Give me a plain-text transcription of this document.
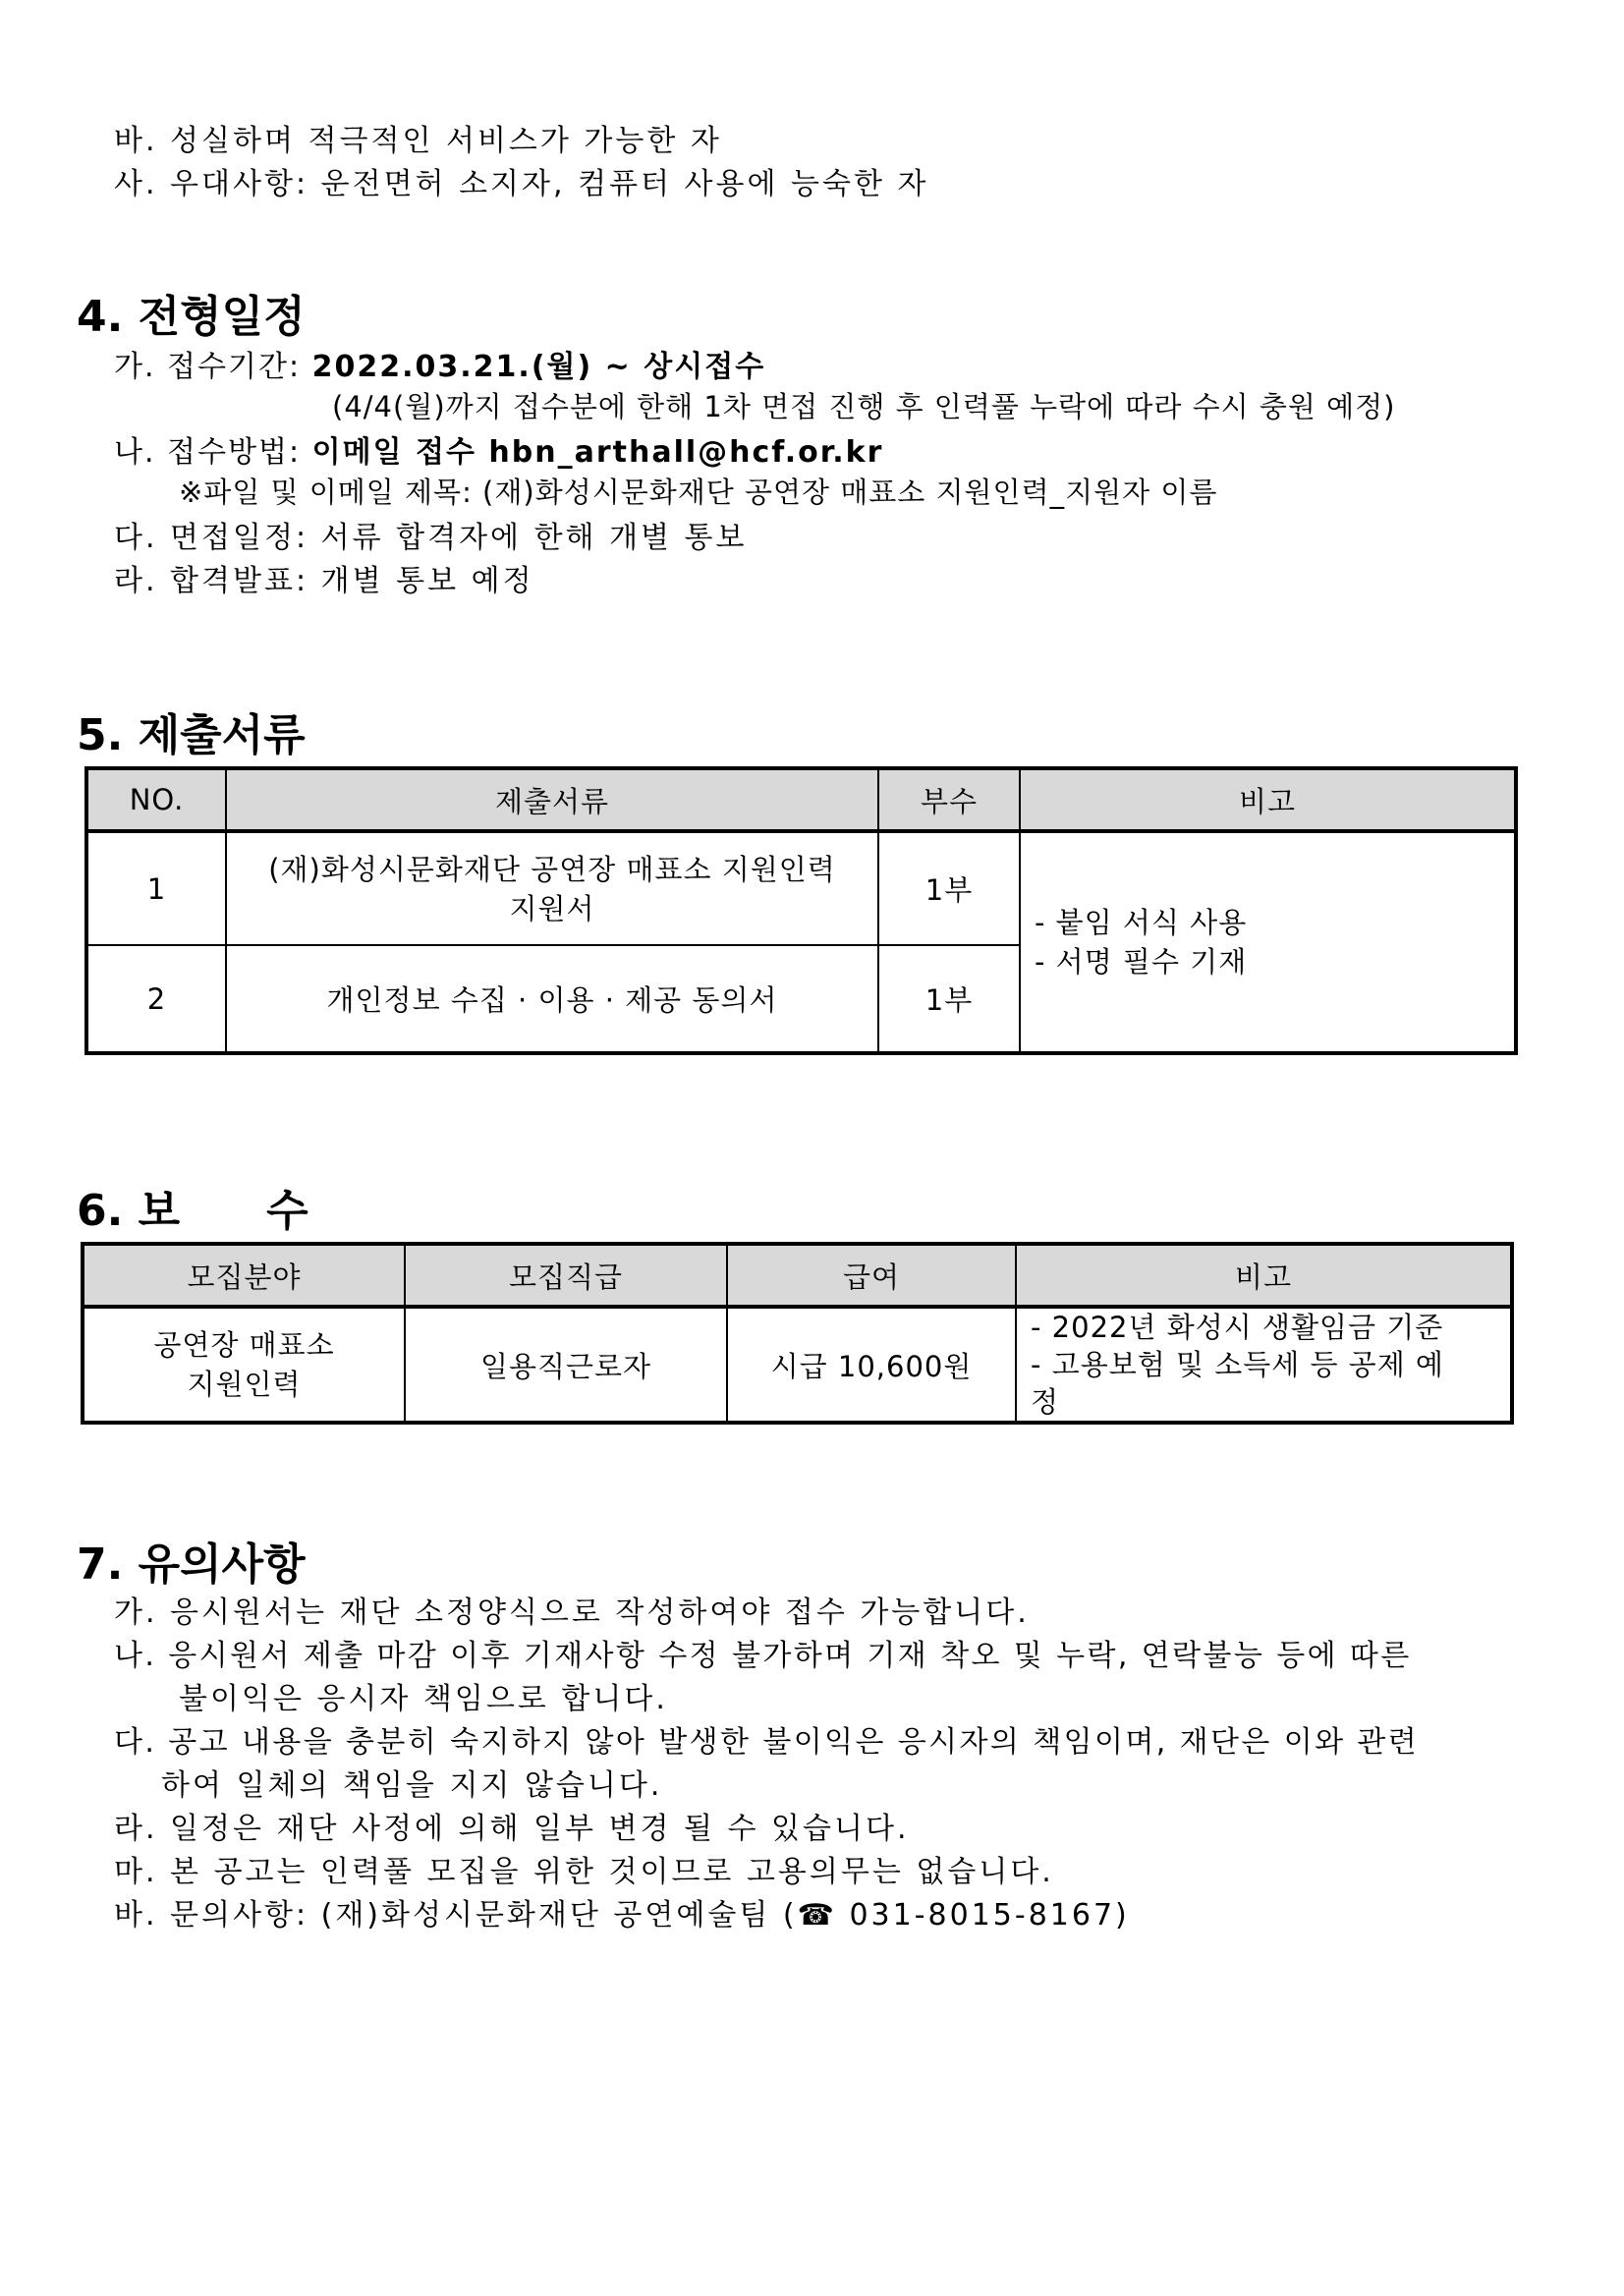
바. 성실하며 적극적인 서비스가 가능한 자
사. 우대사항: 운전면허 소지자, 컴퓨터 사용에 능숙한 자
4. 전형일정
가. 접수기간: 2022.03.21.(월) ~ 상시접수
(4/4(월)까지 접수분에 한해 1차 면접 진행 후 인력풀 누락에 따라 수시 충원 예정)
나. 접수방법: 이메일 접수 hbn_arthall@hcf.or.kr
※파일 및 이메일 제목: (재)화성시문화재단 공연장 매표소 지원인력_지원자 이름
다. 면접일정: 서류 합격자에 한해 개별 통보
라. 합격발표: 개별 통보 예정
5. 제출서류
NO.	제출서류	부수	비고
1	(재)화성시문화재단 공연장 매표소 지원인력 지원서	1부	- 붙임 서식 사용
- 서명 필수 기재

2	개인정보 수집 · 이용 · 제공 동의서	1부	
6. 보　　수
모집분야	모집직급	급여	비고
공연장 매표소 지원인력	일용직근로자	시급 10,600원	- 2022년 화성시 생활임금 기준
- 고용보험 및 소득세 등 공제 예정
7. 유의사항
가. 응시원서는 재단 소정양식으로 작성하여야 접수 가능합니다.
나. 응시원서 제출 마감 이후 기재사항 수정 불가하며 기재 착오 및 누락, 연락불능 등에 따른
불이익은 응시자 책임으로 합니다.
다. 공고 내용을 충분히 숙지하지 않아 발생한 불이익은 응시자의 책임이며, 재단은 이와 관련
하여 일체의 책임을 지지 않습니다.
라. 일정은 재단 사정에 의해 일부 변경 될 수 있습니다.
마. 본 공고는 인력풀 모집을 위한 것이므로 고용의무는 없습니다.
바. 문의사항: (재)화성시문화재단 공연예술팀 (☎ 031-8015-8167)
